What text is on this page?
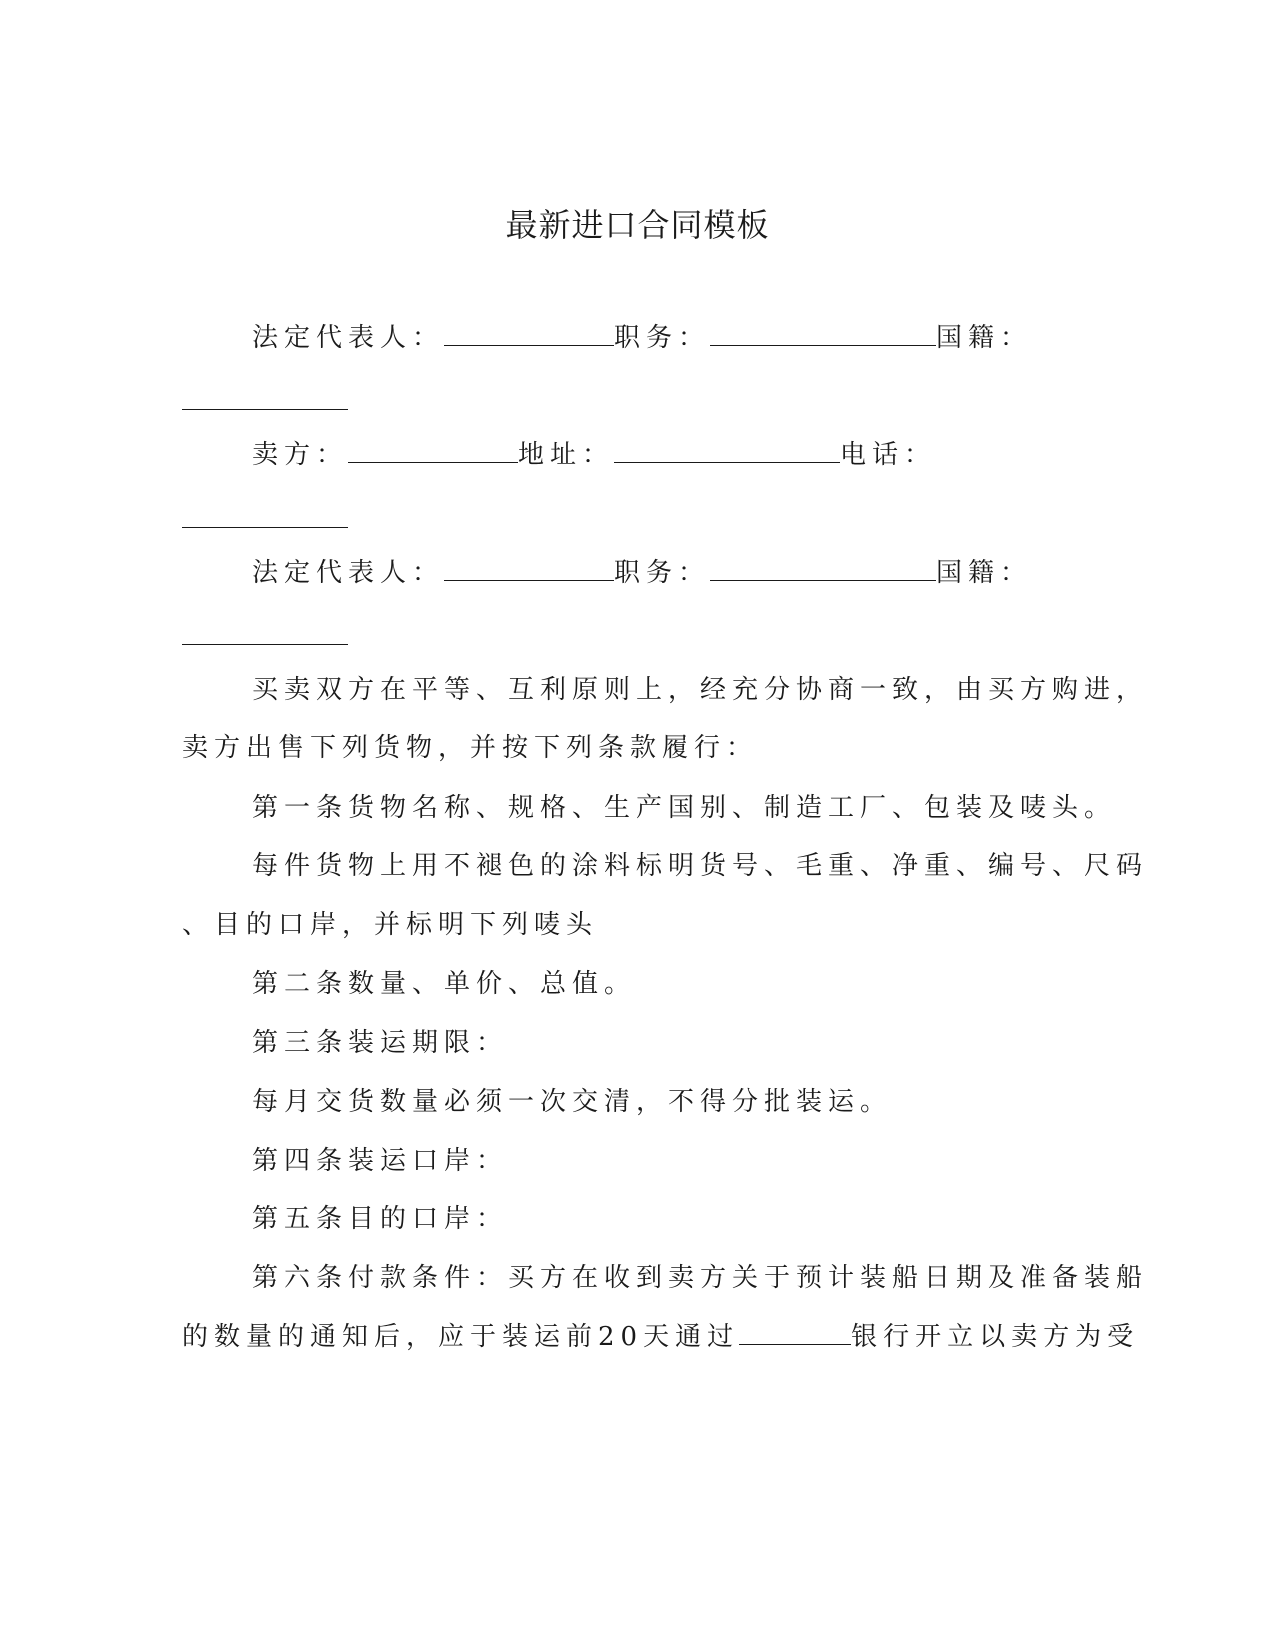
最新进口合同模板
法定代表人：	职务：	国籍：
卖方：	地址：	电话：
法定代表人：	职务：	国籍：
买卖双方在平等、互利原则上，经充分协商一致，由买方购进，
卖方出售下列货物，并按下列条款履行：
第一条货物名称、规格、生产国别、制造工厂、包装及唛头。
每件货物上用不褪色的涂料标明货号、毛重、净重、编号、尺码
、目的口岸，并标明下列唛头
第二条数量、单价、总值。
第三条装运期限：
每月交货数量必须一次交清，不得分批装运。
第四条装运口岸：
第五条目的口岸：
第六条付款条件：买方在收到卖方关于预计装船日期及准备装船
的数量的通知后，应于装运前20天通过	银行开立以卖方为受
